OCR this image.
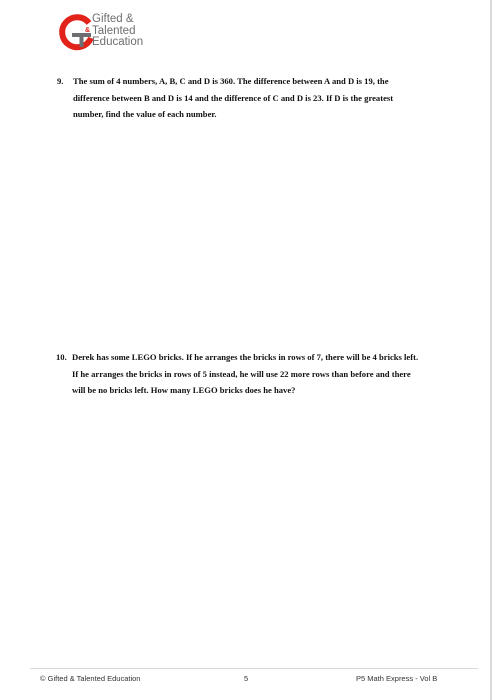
&
Gifted &
Talented
Education
9.	The sum of 4 numbers, A, B, C and D is 360. The difference between A and D is 19, the
difference between B and D is 14 and the difference of C and D is 23. If D is the greatest
number, find the value of each number.
10. Derek has some LEGO bricks. If he arranges the bricks in rows of 7, there will be 4 bricks left.
If he arranges the bricks in rows of 5 instead, he will use 22 more rows than before and there
will be no bricks left. How many LEGO bricks does he have?
© Gifted & Talented Education	5	P5 Math Express - Vol B
